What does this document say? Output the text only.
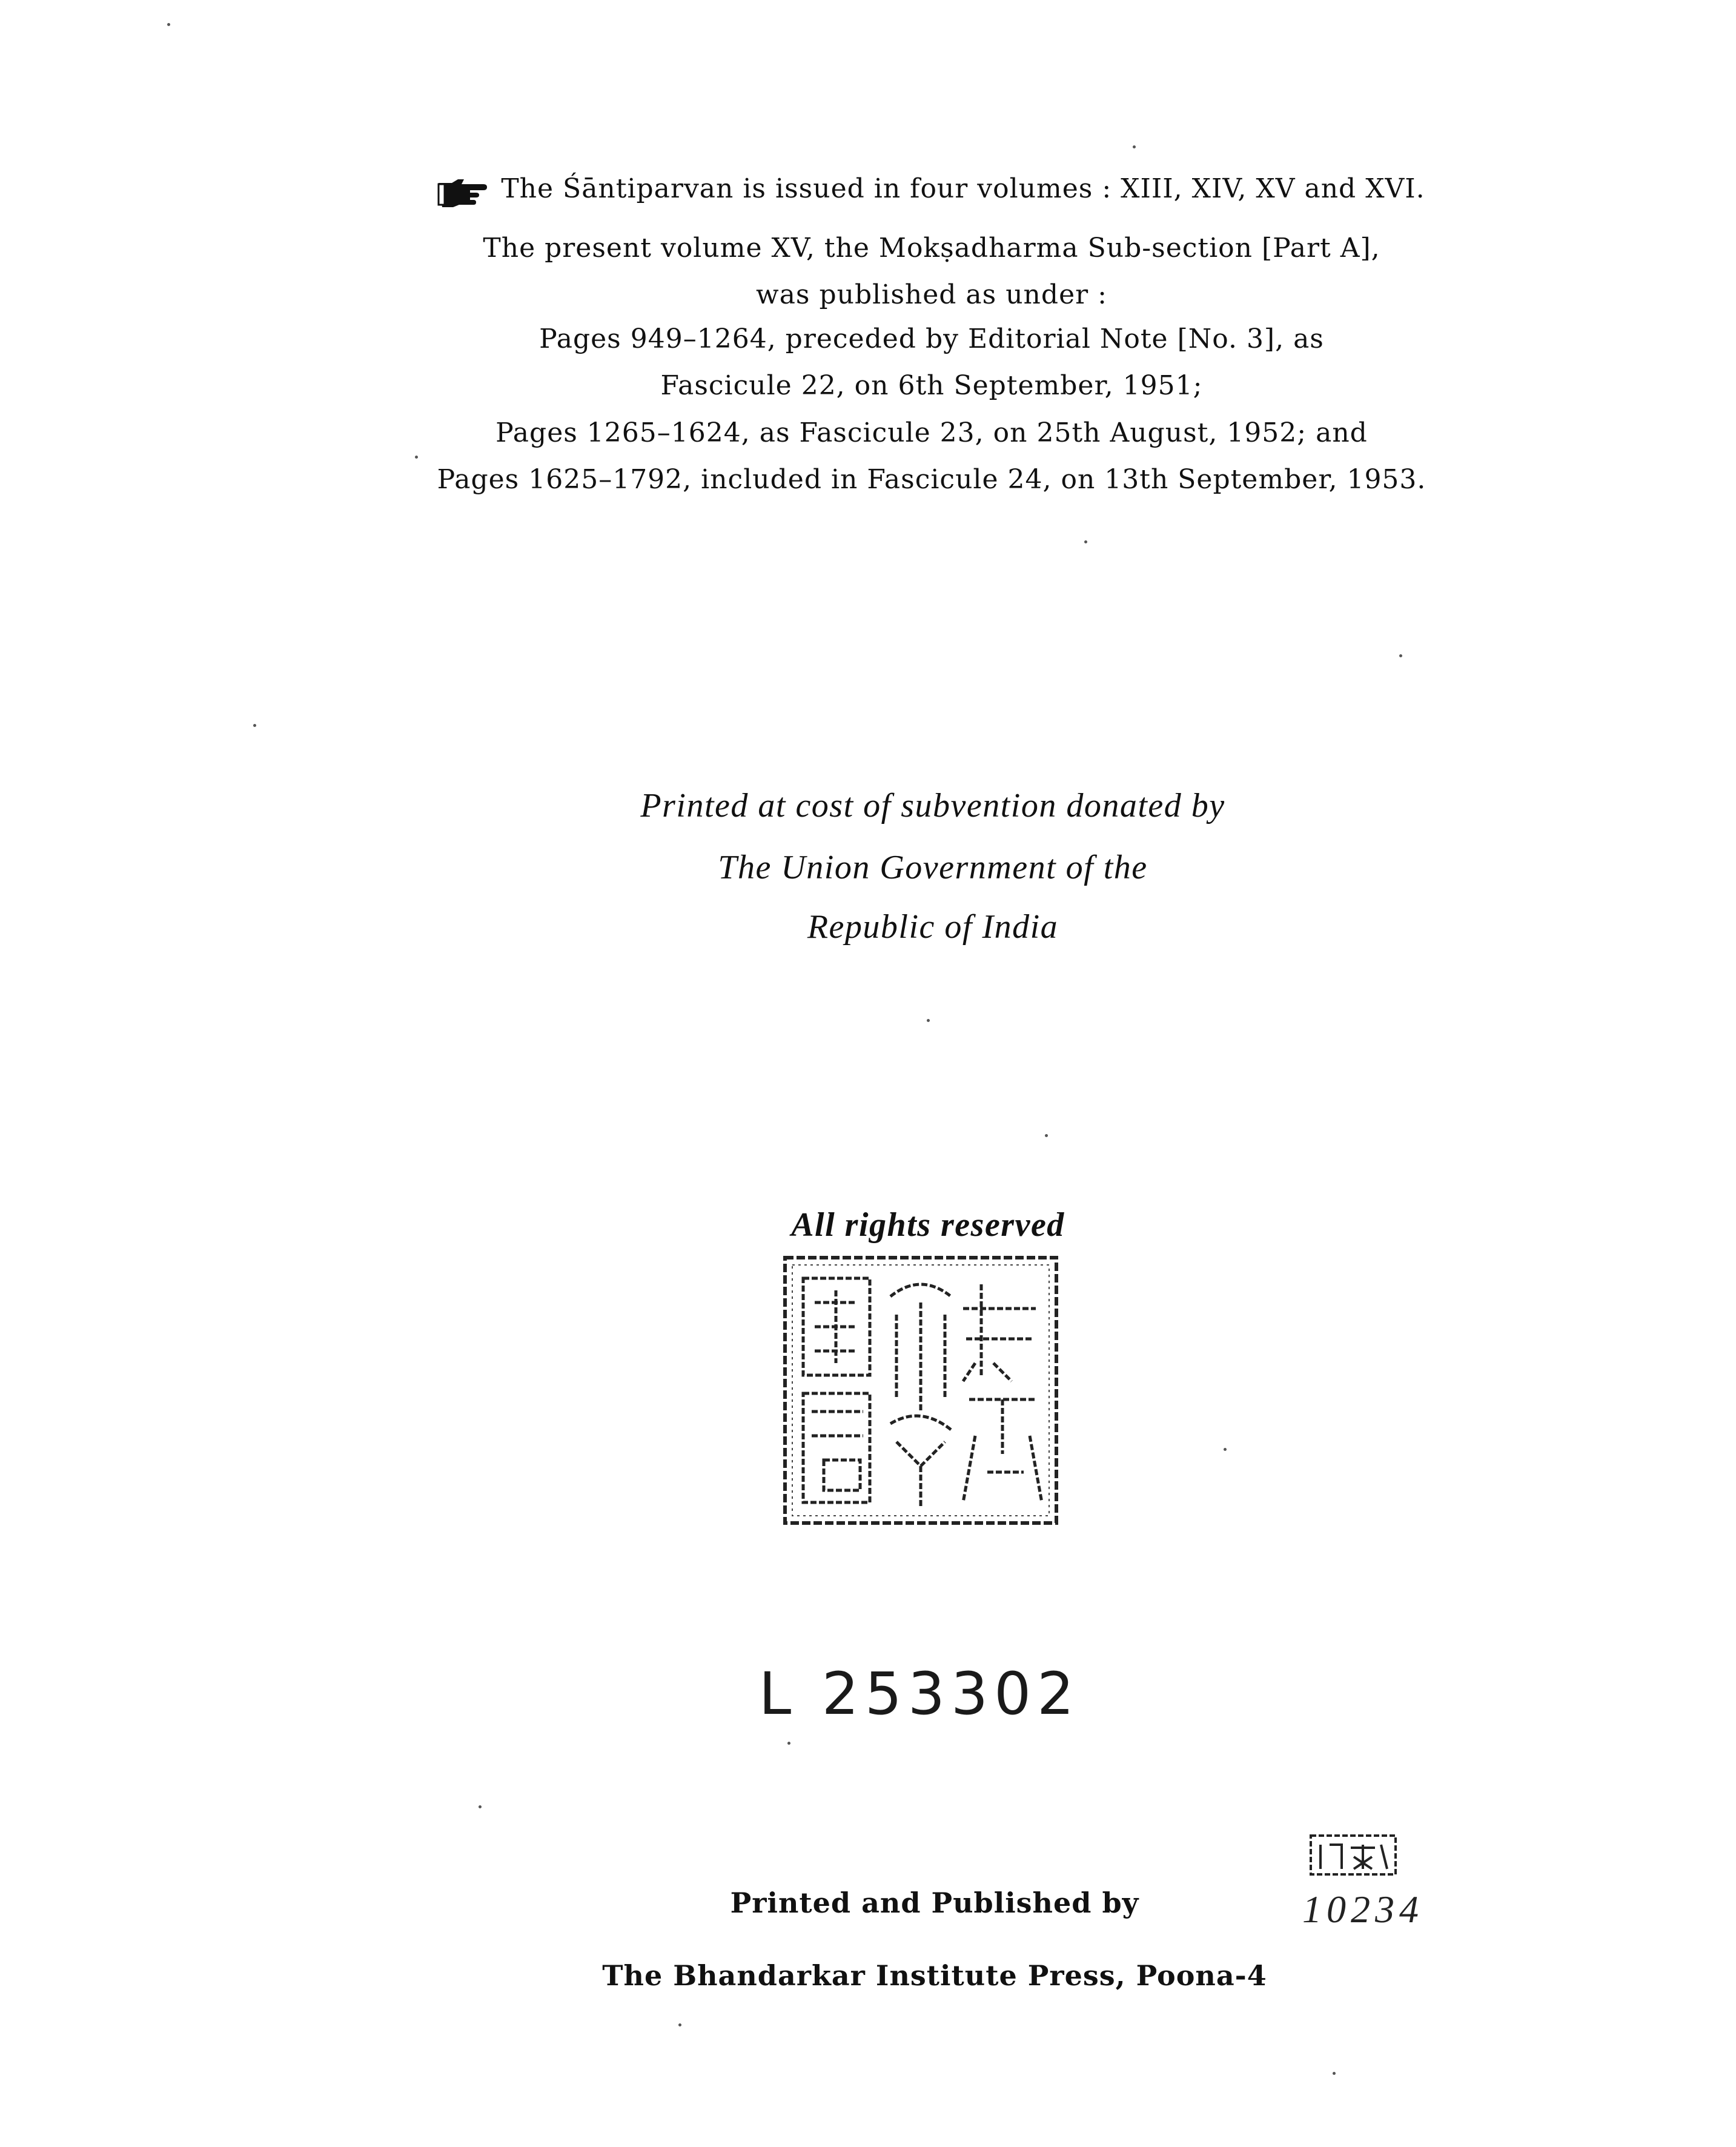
The Śāntiparvan is issued in four volumes : XIII, XIV, XV and XVI.
The present volume XV, the Mokṣadharma Sub-section [Part A],
was published as under :
Pages 949–1264, preceded by Editorial Note [No. 3], as
Fascicule 22, on 6th September, 1951;
Pages 1265–1624, as Fascicule 23, on 25th August, 1952; and
Pages 1625–1792, included in Fascicule 24, on 13th September, 1953.
Printed at cost of subvention donated by
The Union Government of the
Republic of India
All rights reserved
L 253302
Printed and Published by
The Bhandarkar Institute Press, Poona-4
10234
